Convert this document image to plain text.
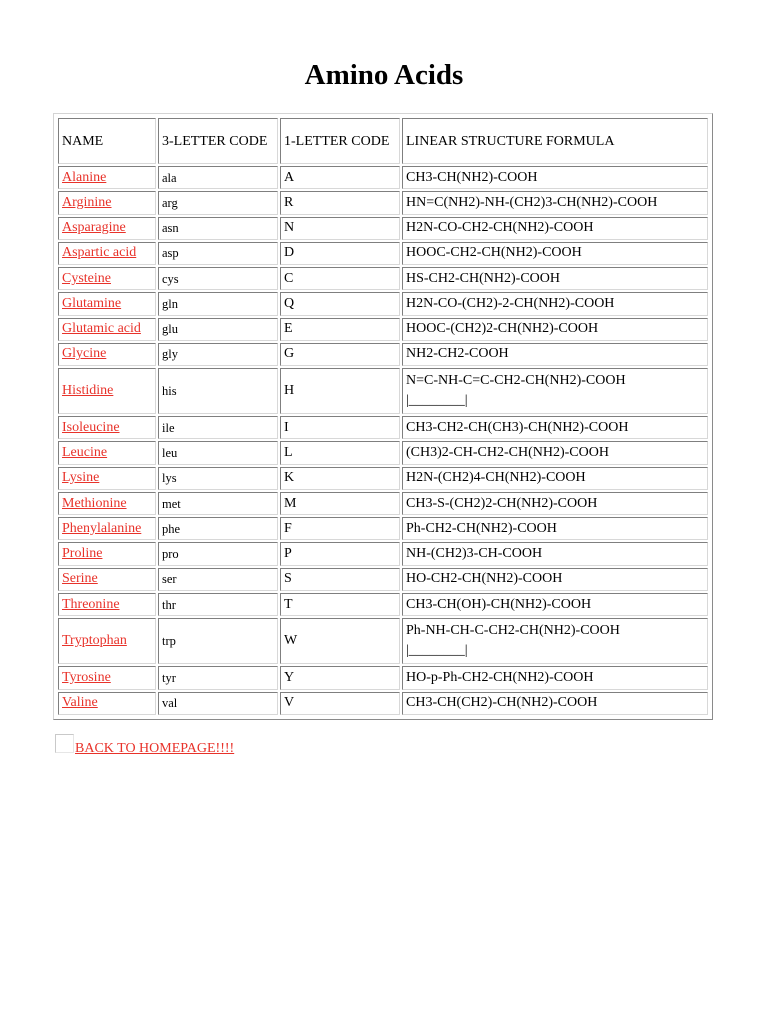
Amino Acids
NAME	3-LETTER CODE	1-LETTER CODE	LINEAR STRUCTURE FORMULA
Alanine	ala	A	CH3-CH(NH2)-COOH
Arginine	arg	R	HN=C(NH2)-NH-(CH2)3-CH(NH2)-COOH
Asparagine	asn	N	H2N-CO-CH2-CH(NH2)-COOH
Aspartic acid	asp	D	HOOC-CH2-CH(NH2)-COOH
Cysteine	cys	C	HS-CH2-CH(NH2)-COOH
Glutamine	gln	Q	H2N-CO-(CH2)-2-CH(NH2)-COOH
Glutamic acid	glu	E	HOOC-(CH2)2-CH(NH2)-COOH
Glycine	gly	G	NH2-CH2-COOH
Histidine	his	H	N=C-NH-C=C-CH2-CH(NH2)-COOH
|________|

Isoleucine	ile	I	CH3-CH2-CH(CH3)-CH(NH2)-COOH
Leucine	leu	L	(CH3)2-CH-CH2-CH(NH2)-COOH
Lysine	lys	K	H2N-(CH2)4-CH(NH2)-COOH
Methionine	met	M	CH3-S-(CH2)2-CH(NH2)-COOH
Phenylalanine	phe	F	Ph-CH2-CH(NH2)-COOH
Proline	pro	P	NH-(CH2)3-CH-COOH
Serine	ser	S	HO-CH2-CH(NH2)-COOH
Threonine	thr	T	CH3-CH(OH)-CH(NH2)-COOH
Tryptophan	trp	W	Ph-NH-CH-C-CH2-CH(NH2)-COOH
|________|

Tyrosine	tyr	Y	HO-p-Ph-CH2-CH(NH2)-COOH
Valine	val	V	CH3-CH(CH2)-CH(NH2)-COOH
BACK TO HOMEPAGE!!!!
